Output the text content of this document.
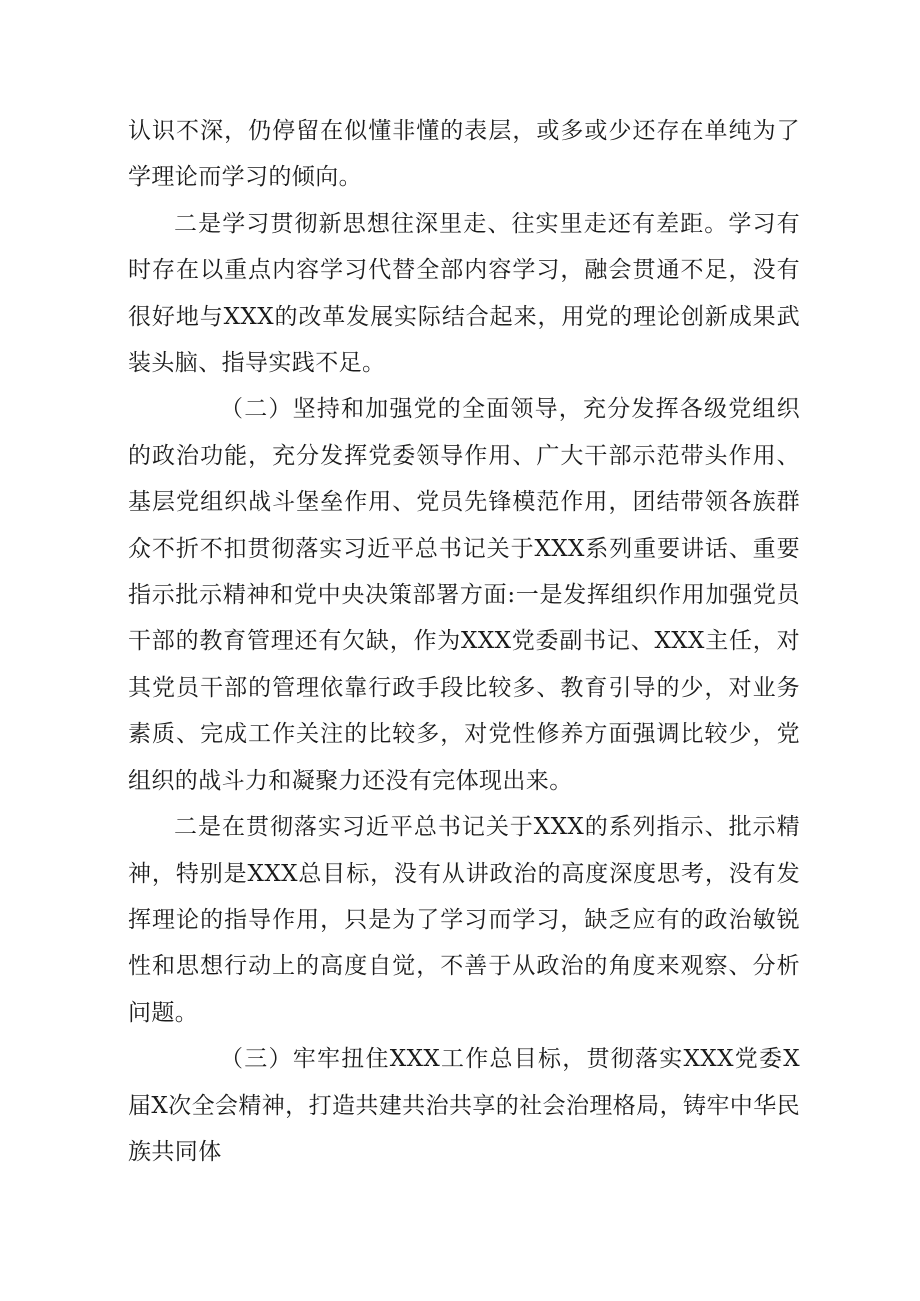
认识不深，仍停留在似懂非懂的表层，或多或少还存在单纯为了学理论而学习的倾向。

二是学习贯彻新思想往深里走、往实里走还有差距。学习有时存在以重点内容学习代替全部内容学习，融会贯通不足，没有很好地与XXX的改革发展实际结合起来，用党的理论创新成果武装头脑、指导实践不足。

（二）坚持和加强党的全面领导，充分发挥各级党组织的政治功能，充分发挥党委领导作用、广大干部示范带头作用、基层党组织战斗堡垒作用、党员先锋模范作用，团结带领各族群众不折不扣贯彻落实习近平总书记关于XXX系列重要讲话、重要指示批示精神和党中央决策部署方面:一是发挥组织作用加强党员干部的教育管理还有欠缺，作为XXX党委副书记、XXX主任，对其党员干部的管理依靠行政手段比较多、教育引导的少，对业务素质、完成工作关注的比较多，对党性修养方面强调比较少，党组织的战斗力和凝聚力还没有完体现出来。

二是在贯彻落实习近平总书记关于XXX的系列指示、批示精神，特别是XXX总目标，没有从讲政治的高度深度思考，没有发挥理论的指导作用，只是为了学习而学习，缺乏应有的政治敏锐性和思想行动上的高度自觉，不善于从政治的角度来观察、分析问题。

（三）牢牢扭住XXX工作总目标，贯彻落实XXX党委X届X次全会精神，打造共建共治共享的社会治理格局，铸牢中华民族共同体
